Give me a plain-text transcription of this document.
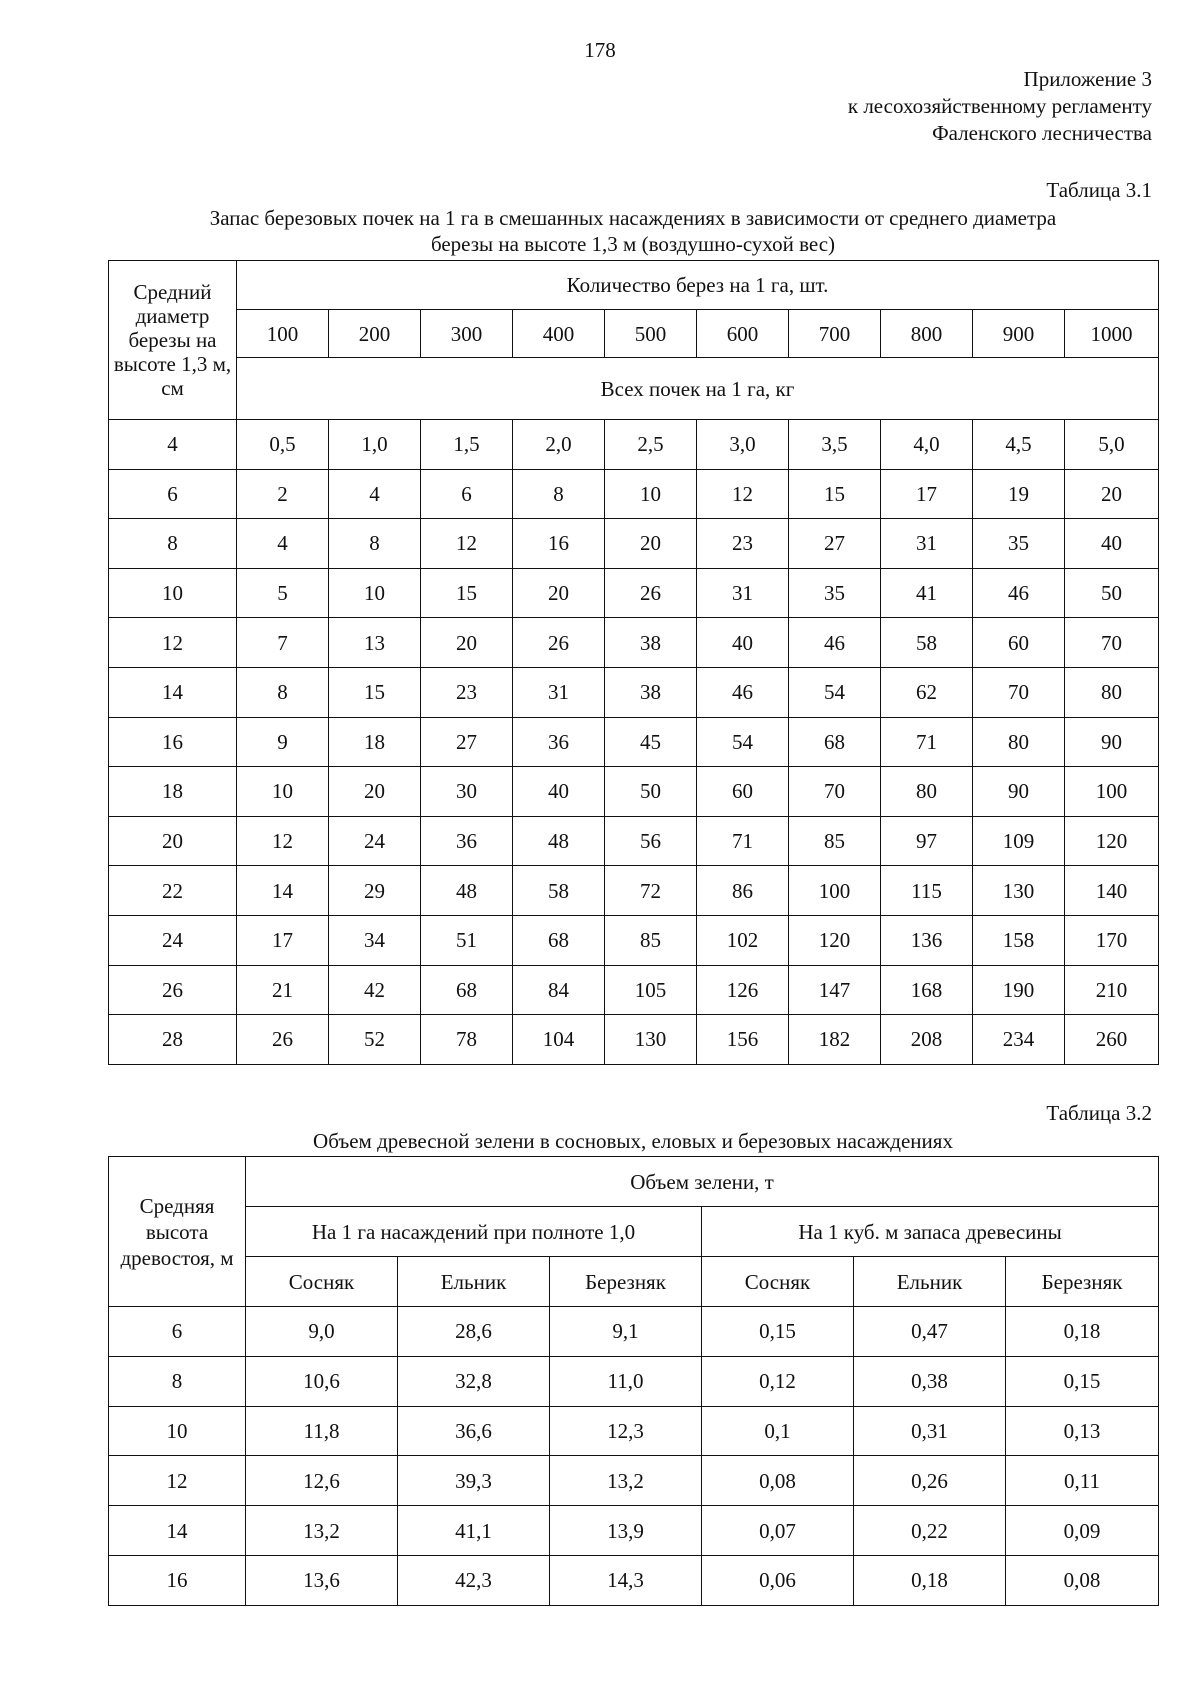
178
Приложение 3
к лесохозяйственному регламенту
Фаленского лесничества
Таблица 3.1
Запас березовых почек на 1 га в смешанных насаждениях в зависимости от среднего диаметра
березы на высоте 1,3 м (воздушно-сухой вес)
Средний диаметр березы на высоте 1,3 м, см	Количество берез на 1 га, шт.									
	100	200	300	400	500	600	700	800	900	1000
	Всех почек на 1 га, кг									
4	0,5	1,0	1,5	2,0	2,5	3,0	3,5	4,0	4,5	5,0
6	2	4	6	8	10	12	15	17	19	20
8	4	8	12	16	20	23	27	31	35	40
10	5	10	15	20	26	31	35	41	46	50
12	7	13	20	26	38	40	46	58	60	70
14	8	15	23	31	38	46	54	62	70	80
16	9	18	27	36	45	54	68	71	80	90
18	10	20	30	40	50	60	70	80	90	100
20	12	24	36	48	56	71	85	97	109	120
22	14	29	48	58	72	86	100	115	130	140
24	17	34	51	68	85	102	120	136	158	170
26	21	42	68	84	105	126	147	168	190	210
28	26	52	78	104	130	156	182	208	234	260
Таблица 3.2
Объем древесной зелени в сосновых, еловых и березовых насаждениях
Средняя высота древостоя, м	Объем зелени, т					
	На 1 га насаждений при полноте 1,0			На 1 куб. м запаса древесины		
	Сосняк	Ельник	Березняк	Сосняк	Ельник	Березняк
6	9,0	28,6	9,1	0,15	0,47	0,18
8	10,6	32,8	11,0	0,12	0,38	0,15
10	11,8	36,6	12,3	0,1	0,31	0,13
12	12,6	39,3	13,2	0,08	0,26	0,11
14	13,2	41,1	13,9	0,07	0,22	0,09
16	13,6	42,3	14,3	0,06	0,18	0,08
